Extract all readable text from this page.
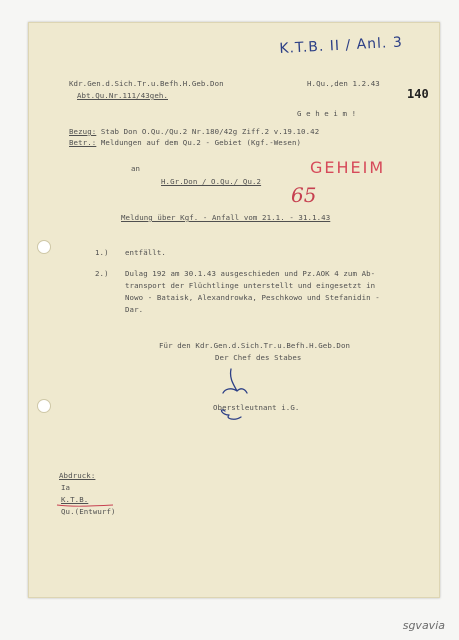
K.T.B. II / Anl. 3
140
Kdr.Gen.d.Sich.Tr.u.Befh.H.Geb.Don
Abt.Qu.Nr.111/43geh.
H.Qu.,den 1.2.43
G e h e i m !
Bezug: Stab Don O.Qu./Qu.2 Nr.180/42g Ziff.2 v.19.10.42
Betr.: Meldungen auf dem Qu.2 - Gebiet (Kgf.-Wesen)
GEHEIM
65
an
H.Gr.Don / O.Qu./ Qu.2
Meldung über Kgf. - Anfall vom 21.1. - 31.1.43
1.) entfällt.
2.) Dulag 192 am 30.1.43 ausgeschieden und Pz.AOK 4 zum Ab-
transport der Flüchtlinge unterstellt und eingesetzt in
Nowo - Bataisk, Alexandrowka, Peschkowo und Stefanidin -
Dar.
Für den Kdr.Gen.d.Sich.Tr.u.Befh.H.Geb.Don
Der Chef des Stabes
Oberstleutnant i.G.
Abdruck:
Ia
K.T.B.
Qu.(Entwurf)
sgvavia
